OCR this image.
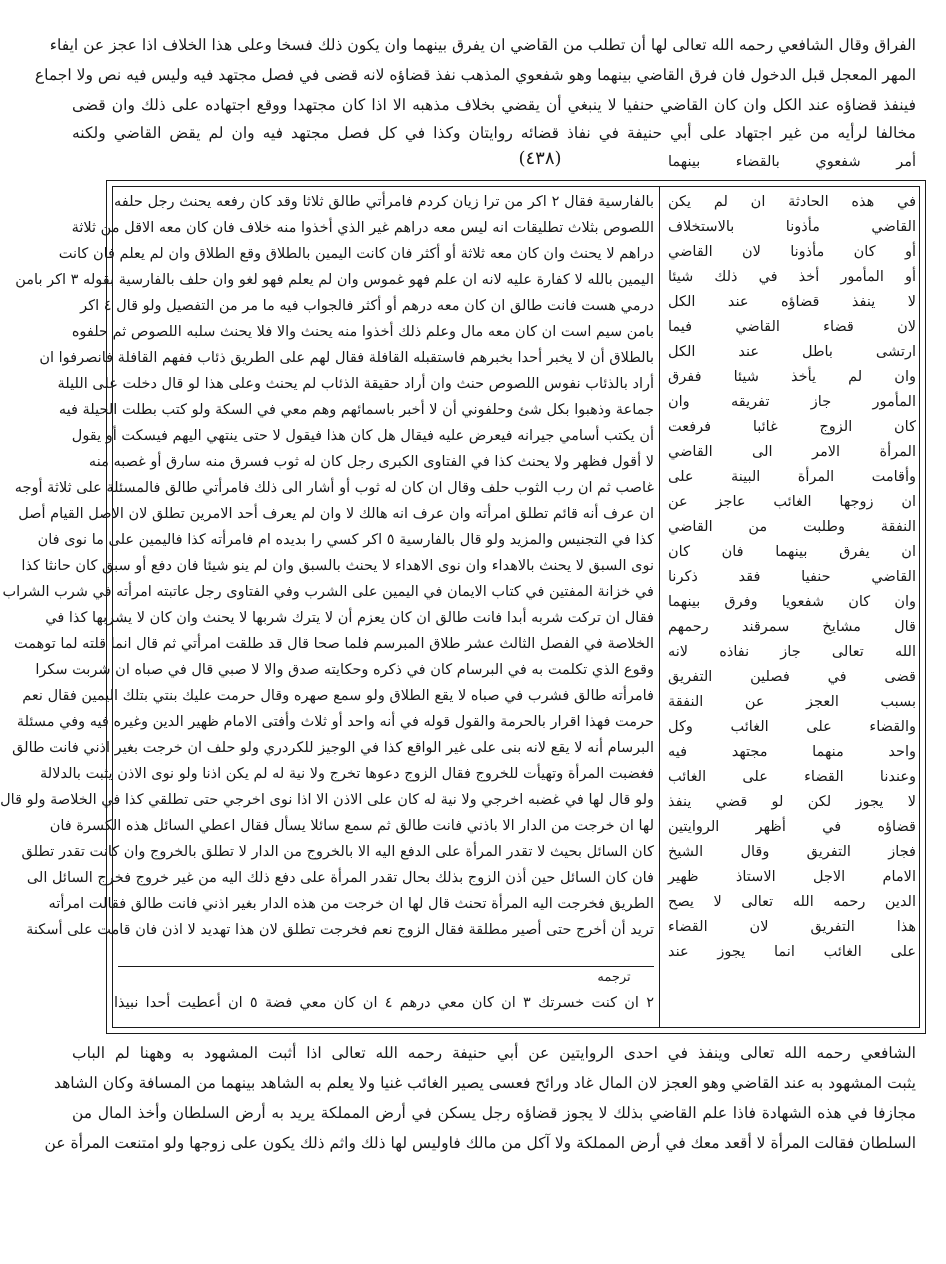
الفراق وقال الشافعي رحمه الله تعالى لها أن تطلب من القاضي ان يفرق بينهما وان يكون ذلك فسخا وعلى هذا الخلاف اذا عجز عن ايفاء
المهر المعجل قبل الدخول فان فرق القاضي بينهما وهو شفعوي المذهب نفذ قضاؤه لانه قضى في فصل مجتهد فيه وليس فيه نص ولا اجماع
فينفذ قضاؤه عند الكل وان كان القاضي حنفيا لا ينبغي أن يقضي بخلاف مذهبه الا اذا كان مجتهدا ووقع اجتهاده على ذلك وان قضى
مخالفا لرأيه من غير اجتهاد على أبي حنيفة في نفاذ قضائه روايتان وكذا في كل فصل مجتهد فيه وان لم يقض القاضي ولكنه
(٤٣٨)
بالفارسية فقال ٢ اكر من ترا زيان كردم فامرأتي طالق ثلاثا وقد كان رفعه يحنث رجل حلفه
اللصوص بثلاث تطليقات انه ليس معه دراهم غير الذي أخذوا منه خلاف فان كان معه الاقل من ثلاثة
دراهم لا يحنث وان كان معه ثلاثة أو أكثر فان كانت اليمين بالطلاق وقع الطلاق وان لم يعلم فان كانت
اليمين بالله لا كفارة عليه لانه ان علم فهو غموس وان لم يعلم فهو لغو وان حلف بالفارسية بقوله ٣ اكر بامن
درمي هست فانت طالق ان كان معه درهم أو أكثر فالجواب فيه ما مر من التفصيل ولو قال ٤ اكر
بامن سيم است ان كان معه مال وعلم ذلك أخذوا منه يحنث والا فلا يحنث سلبه اللصوص ثم حلفوه
بالطلاق أن لا يخبر أحدا بخبرهم فاستقبله القافلة فقال لهم على الطريق ذئاب ففهم القافلة فانصرفوا ان
أراد بالذئاب نفوس اللصوص حنث وان أراد حقيقة الذئاب لم يحنث وعلى هذا لو قال دخلت على الليلة
جماعة وذهبوا بكل شئ وحلفوني أن لا أخبر باسمائهم وهم معي في السكة ولو كتب بطلت الحيلة فيه
أن يكتب أسامي جيرانه فيعرض عليه فيقال هل كان هذا فيقول لا حتى ينتهي اليهم فيسكت أو يقول
لا أقول فظهر ولا يحنث كذا في الفتاوى الكبرى رجل كان له ثوب فسرق منه سارق أو غصبه منه
غاصب ثم ان رب الثوب حلف وقال ان كان له ثوب أو أشار الى ذلك فامرأتي طالق فالمسئلة على ثلاثة أوجه
ان عرف أنه قائم تطلق امرأته وان عرف انه هالك لا وان لم يعرف أحد الامرين تطلق لان الاصل القيام أصل
كذا في التجنيس والمزيد ولو قال بالفارسية ٥ اكر كسي را بديده ام فامرأته كذا فاليمين على ما نوى فان
نوى السبق لا يحنث بالاهداء وان نوى الاهداء لا يحنث بالسبق وان لم ينو شيئا فان دفع أو سبق كان حانثا كذا
في خزانة المفتين في كتاب الايمان في اليمين على الشرب وفي الفتاوى رجل عاتبته امرأته في شرب الشراب
فقال ان تركت شربه أبدا فانت طالق ان كان يعزم أن لا يترك شربها لا يحنث وان كان لا يشربها كذا في
الخلاصة في الفصل الثالث عشر طلاق المبرسم فلما صحا قال قد طلقت امرأتي ثم قال انما قلته لما توهمت
وقوع الذي تكلمت به في البرسام كان في ذكره وحكايته صدق والا لا صبي قال في صباه ان شربت سكرا
فامرأته طالق فشرب في صباه لا يقع الطلاق ولو سمع صهره وقال حرمت عليك بنتي بتلك اليمين فقال نعم
حرمت فهذا اقرار بالحرمة والقول قوله في أنه واحد أو ثلاث وأفتى الامام ظهير الدين وغيره فيه وفي مسئلة
البرسام أنه لا يقع لانه بنى على غير الواقع كذا في الوجيز للكردري ولو حلف ان خرجت بغير اذني فانت طالق
فغضبت المرأة وتهيأت للخروج فقال الزوج دعوها تخرج ولا نية له لم يكن اذنا ولو نوى الاذن يثبت بالدلالة
ولو قال لها في غضبه اخرجي ولا نية له كان على الاذن الا اذا نوى اخرجي حتى تطلقي كذا في الخلاصة ولو قال
لها ان خرجت من الدار الا باذني فانت طالق ثم سمع سائلا يسأل فقال اعطي السائل هذه الكسرة فان
كان السائل بحيث لا تقدر المرأة على الدفع اليه الا بالخروج من الدار لا تطلق بالخروج وان كانت تقدر تطلق
فان كان السائل حين أذن الزوج بذلك بحال تقدر المرأة على دفع ذلك اليه من غير خروج فخرج السائل الى
الطريق فخرجت اليه المرأة تحنث قال لها ان خرجت من هذه الدار بغير اذني فانت طالق فقالت امرأته
تريد أن أخرج حتى أصير مطلقة فقال الزوج نعم فخرجت تطلق لان هذا تهديد لا اذن فان قامت على أسكنة
ترجمه
٢ ان كنت خسرتك ٣ ان كان معي درهم ٤ ان كان معي فضة ٥ ان أعطيت أحدا نبيذا
أمر شفعوي بالقضاء بينهما
في هذه الحادثة ان لم يكن
القاضي مأذونا بالاستخلاف
أو كان مأذونا لان القاضي
أو المأمور أخذ في ذلك شيئا
لا ينفذ قضاؤه عند الكل
لان قضاء القاضي فيما
ارتشى باطل عند الكل
وان لم يأخذ شيئا ففرق
المأمور جاز تفريقه وان
كان الزوج غائبا فرفعت
المرأة الامر الى القاضي
وأقامت المرأة البينة على
ان زوجها الغائب عاجز عن
النفقة وطلبت من القاضي
ان يفرق بينهما فان كان
القاضي حنفيا فقد ذكرنا
وان كان شفعويا وفرق بينهما
قال مشايخ سمرقند رحمهم
الله تعالى جاز نفاذه لانه
قضى في فصلين التفريق
بسبب العجز عن النفقة
والقضاء على الغائب وكل
واحد منهما مجتهد فيه
وعندنا القضاء على الغائب
لا يجوز لكن لو قضي ينفذ
قضاؤه في أظهر الروايتين
فجاز التفريق وقال الشيخ
الامام الاجل الاستاذ ظهير
الدين رحمه الله تعالى لا يصح
هذا التفريق لان القضاء
على الغائب انما يجوز عند
الشافعي رحمه الله تعالى وينفذ في احدى الروايتين عن أبي حنيفة رحمه الله تعالى اذا أثبت المشهود به وههنا لم الباب
يثبت المشهود به عند القاضي وهو العجز لان المال غاد ورائح فعسى يصير الغائب غنيا ولا يعلم به الشاهد بينهما من المسافة وكان الشاهد
مجازفا في هذه الشهادة فاذا علم القاضي بذلك لا يجوز قضاؤه رجل يسكن في أرض المملكة يريد به أرض السلطان وأخذ المال من
السلطان فقالت المرأة لا أقعد معك في أرض المملكة ولا آكل من مالك فاوليس لها ذلك واثم ذلك يكون على زوجها ولو امتنعت المرأة عن
